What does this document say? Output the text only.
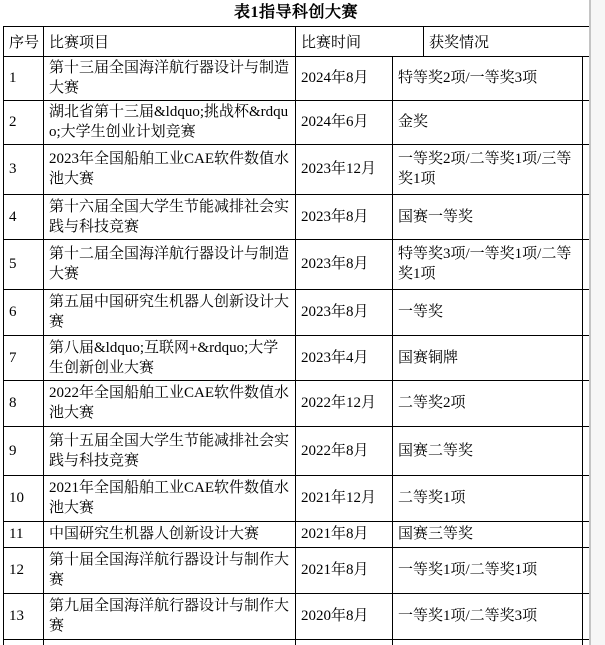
表1指导科创大赛
序号 比赛项目	比赛时间	获奖情况
1	第十三届全国海洋航行器设计与制造大赛	2024年8月	特等奖2项/一等奖3项	
2	湖北省第十三届&ldquo;挑战杯&rdquo;大学生创业计划竞赛	2024年6月	金奖	
3	2023年全国船舶工业CAE软件数值水池大赛	2023年12月	一等奖2项/二等奖1项/三等奖1项	
4	第十六届全国大学生节能减排社会实践与科技竞赛	2023年8月	国赛一等奖	
5	第十二届全国海洋航行器设计与制造大赛	2023年8月	特等奖3项/一等奖1项/二等奖1项	
6	第五届中国研究生机器人创新设计大赛	2023年8月	一等奖	
7	第八届&ldquo;互联网+&rdquo;大学生创新创业大赛	2023年4月	国赛铜牌	
8	2022年全国船舶工业CAE软件数值水池大赛	2022年12月	二等奖2项	
9	第十五届全国大学生节能减排社会实践与科技竞赛	2022年8月	国赛二等奖	
10	2021年全国船舶工业CAE软件数值水池大赛	2021年12月	二等奖1项	
11	中国研究生机器人创新设计大赛	2021年8月	国赛三等奖	
12	第十届全国海洋航行器设计与制作大赛	2021年8月	一等奖1项/二等奖1项	
13	第九届全国海洋航行器设计与制作大赛	2020年8月	一等奖1项/二等奖3项	
